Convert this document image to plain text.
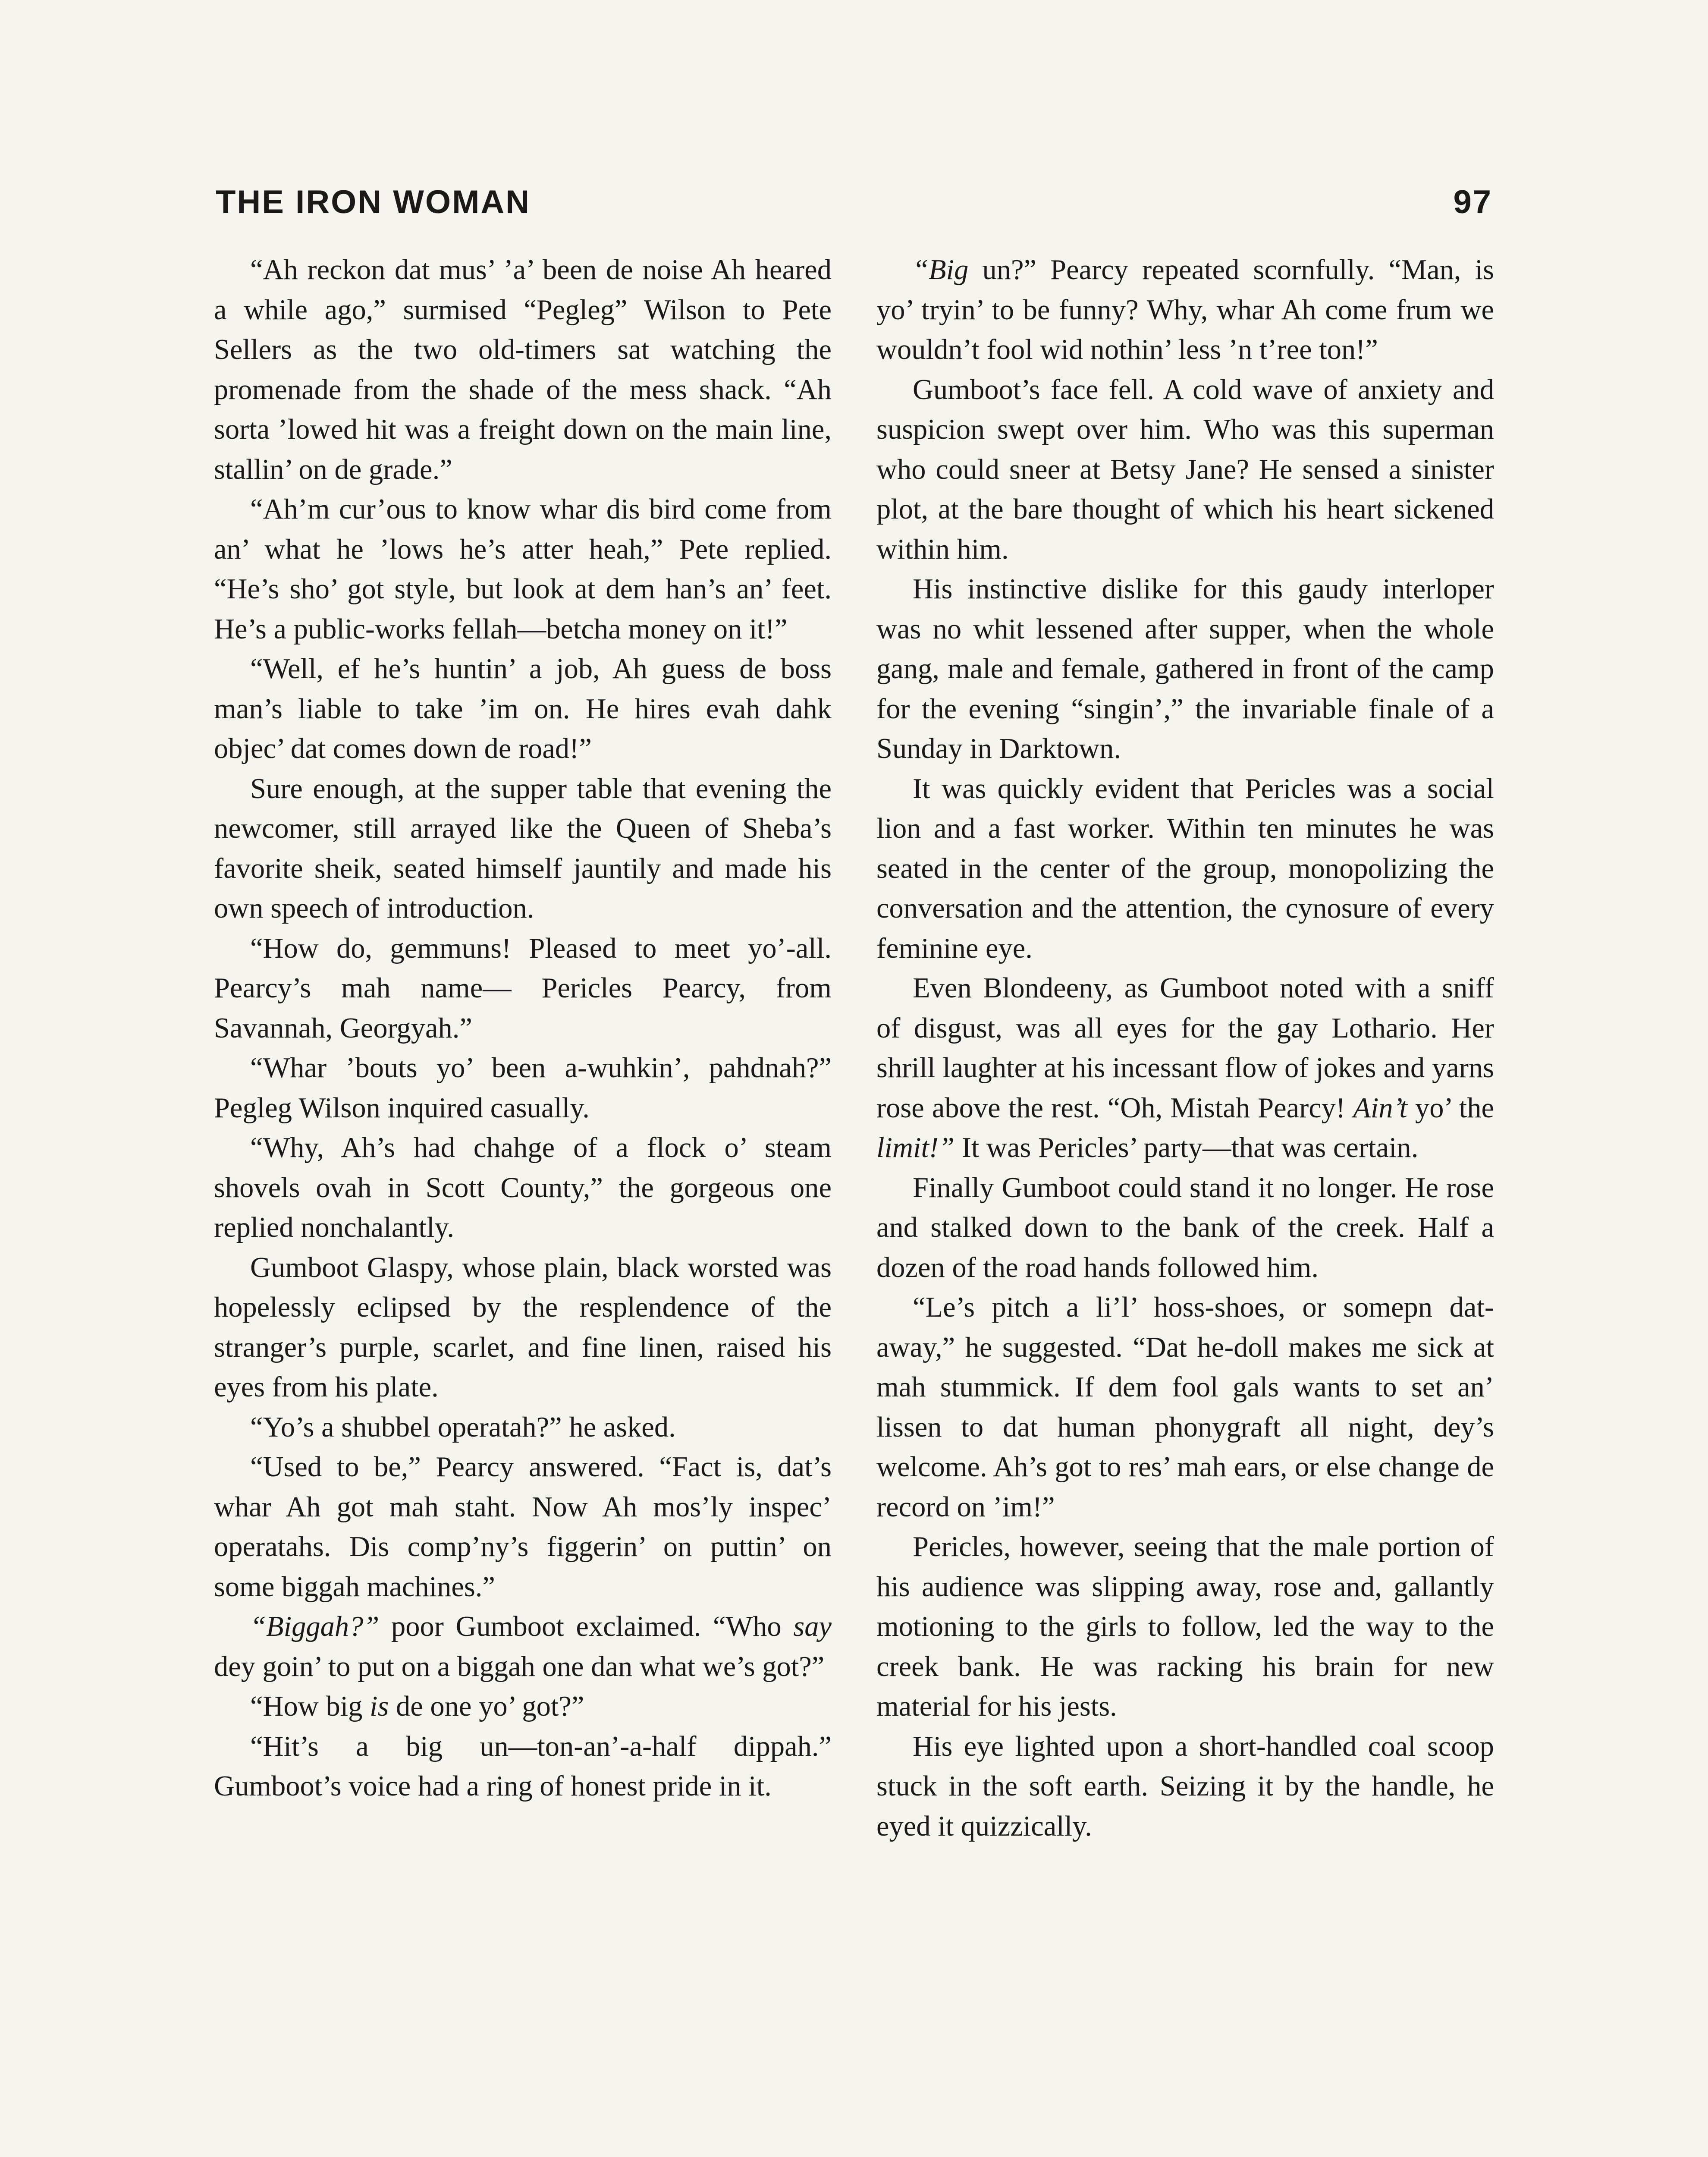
THE IRON WOMAN	97

“Ah reckon dat mus’ ’a’ been de noise Ah heared a while ago,” surmised “Pegleg” Wilson to Pete Sellers as the two old-timers sat watching the promenade from the shade of the mess shack. “Ah sorta ’lowed hit was a freight down on the main line, stallin’ on de grade.”

“Ah’m cur’ous to know whar dis bird come from an’ what he ’lows he’s atter heah,” Pete replied. “He’s sho’ got style, but look at dem han’s an’ feet. He’s a public-works fellah—betcha money on it!”

“Well, ef he’s huntin’ a job, Ah guess de boss man’s liable to take ’im on. He hires evah dahk objec’ dat comes down de road!”

Sure enough, at the supper table that evening the newcomer, still arrayed like the Queen of Sheba’s favorite sheik, seated himself jauntily and made his own speech of introduction.

“How do, gemmuns! Pleased to meet yo’-all. Pearcy’s mah name— Pericles Pearcy, from Savannah, Georgyah.”

“Whar ’bouts yo’ been a-wuhkin’, pahdnah?” Pegleg Wilson inquired casually.

“Why, Ah’s had chahge of a flock o’ steam shovels ovah in Scott County,” the gorgeous one replied nonchalantly.

Gumboot Glaspy, whose plain, black worsted was hopelessly eclipsed by the resplendence of the stranger’s purple, scarlet, and fine linen, raised his eyes from his plate.

“Yo’s a shubbel operatah?” he asked.

“Used to be,” Pearcy answered. “Fact is, dat’s whar Ah got mah staht. Now Ah mos’ly inspec’ operatahs. Dis comp’ny’s figgerin’ on puttin’ on some biggah machines.”

“Biggah?” poor Gumboot exclaimed. “Who say dey goin’ to put on a biggah one dan what we’s got?”

“How big is de one yo’ got?”

“Hit’s a big un—ton-an’-a-half dippah.” Gumboot’s voice had a ring of honest pride in it.

“Big un?” Pearcy repeated scornfully. “Man, is yo’ tryin’ to be funny? Why, whar Ah come frum we wouldn’t fool wid nothin’ less ’n t’ree ton!”

Gumboot’s face fell. A cold wave of anxiety and suspicion swept over him. Who was this superman who could sneer at Betsy Jane? He sensed a sinister plot, at the bare thought of which his heart sickened within him.

His instinctive dislike for this gaudy interloper was no whit lessened after supper, when the whole gang, male and female, gathered in front of the camp for the evening “singin’,” the invariable finale of a Sunday in Darktown.

It was quickly evident that Pericles was a social lion and a fast worker. Within ten minutes he was seated in the center of the group, monopolizing the conversation and the attention, the cynosure of every feminine eye.

Even Blondeeny, as Gumboot noted with a sniff of disgust, was all eyes for the gay Lothario. Her shrill laughter at his incessant flow of jokes and yarns rose above the rest. “Oh, Mistah Pearcy! Ain’t yo’ the limit!” It was Pericles’ party—that was certain.

Finally Gumboot could stand it no longer. He rose and stalked down to the bank of the creek. Half a dozen of the road hands followed him.

“Le’s pitch a li’l’ hoss-shoes, or somepn dat-away,” he suggested. “Dat he-doll makes me sick at mah stummick. If dem fool gals wants to set an’ lissen to dat human phonygraft all night, dey’s welcome. Ah’s got to res’ mah ears, or else change de record on ’im!”

Pericles, however, seeing that the male portion of his audience was slipping away, rose and, gallantly motioning to the girls to follow, led the way to the creek bank. He was racking his brain for new material for his jests.

His eye lighted upon a short-handled coal scoop stuck in the soft earth. Seizing it by the handle, he eyed it quizzically.
